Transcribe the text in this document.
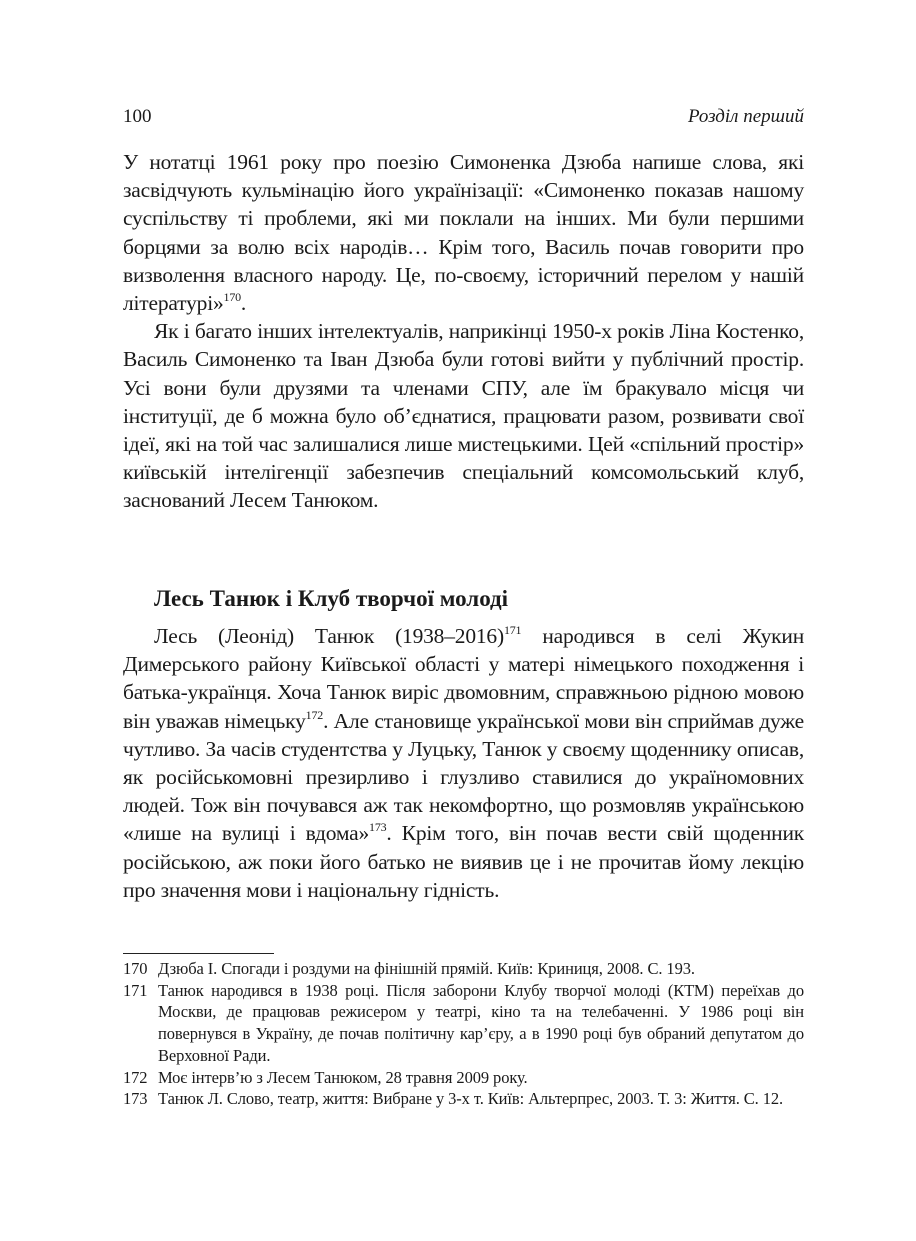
100	Розділ перший

У нотатці 1961 року про поезію Симоненка Дзюба напише слова, які засвідчують кульмінацію його українізації: «Симоненко показав нашому суспільству ті проблеми, які ми поклали на інших. Ми були першими борцями за волю всіх народів… Крім того, Василь почав говорити про визволення власного народу. Це, по-своєму, історичний перелом у нашій літературі»$^{170}$.

Як і багато інших інтелектуалів, наприкінці 1950-х років Ліна Костенко, Василь Симоненко та Іван Дзюба були готові вийти у публічний простір. Усі вони були друзями та членами СПУ, але їм бракувало місця чи інституції, де б можна було об’єднатися, працювати разом, розвивати свої ідеї, які на той час залишалися лише мистецькими. Цей «спільний простір» київській інтелігенції забезпечив спеціальний комсомольський клуб, заснований Лесем Танюком.

Лесь Танюк і Клуб творчої молоді

Лесь (Леонід) Танюк (1938–2016)$^{171}$ народився в селі Жукин Димерського району Київської області у матері німецького походження і батька-українця. Хоча Танюк виріс двомовним, справжньою рідною мовою він уважав німецьку$^{172}$. Але становище української мови він сприймав дуже чутливо. За часів студентства у Луцьку, Танюк у своєму щоденнику описав, як російськомовні презирливо і глузливо ставилися до україномовних людей. Тож він почувався аж так некомфортно, що розмовляв українською «лише на вулиці і вдома»$^{173}$. Крім того, він почав вести свій щоденник російською, аж поки його батько не виявив це і не прочитав йому лекцію про значення мови і національну гідність.

170 Дзюба І. Спогади і роздуми на фінішній прямій. Київ: Криниця, 2008. С. 193.
171 Танюк народився в 1938 році. Після заборони Клубу творчої молоді (КТМ) переїхав до Москви, де працював режисером у театрі, кіно та на телебаченні. У 1986 році він повернувся в Україну, де почав політичну кар’єру, а в 1990 році був обраний депутатом до Верховної Ради.
172 Моє інтерв’ю з Лесем Танюком, 28 травня 2009 року.
173 Танюк Л. Слово, театр, життя: Вибране у 3-х т. Київ: Альтерпрес, 2003. Т. 3: Життя. С. 12.
